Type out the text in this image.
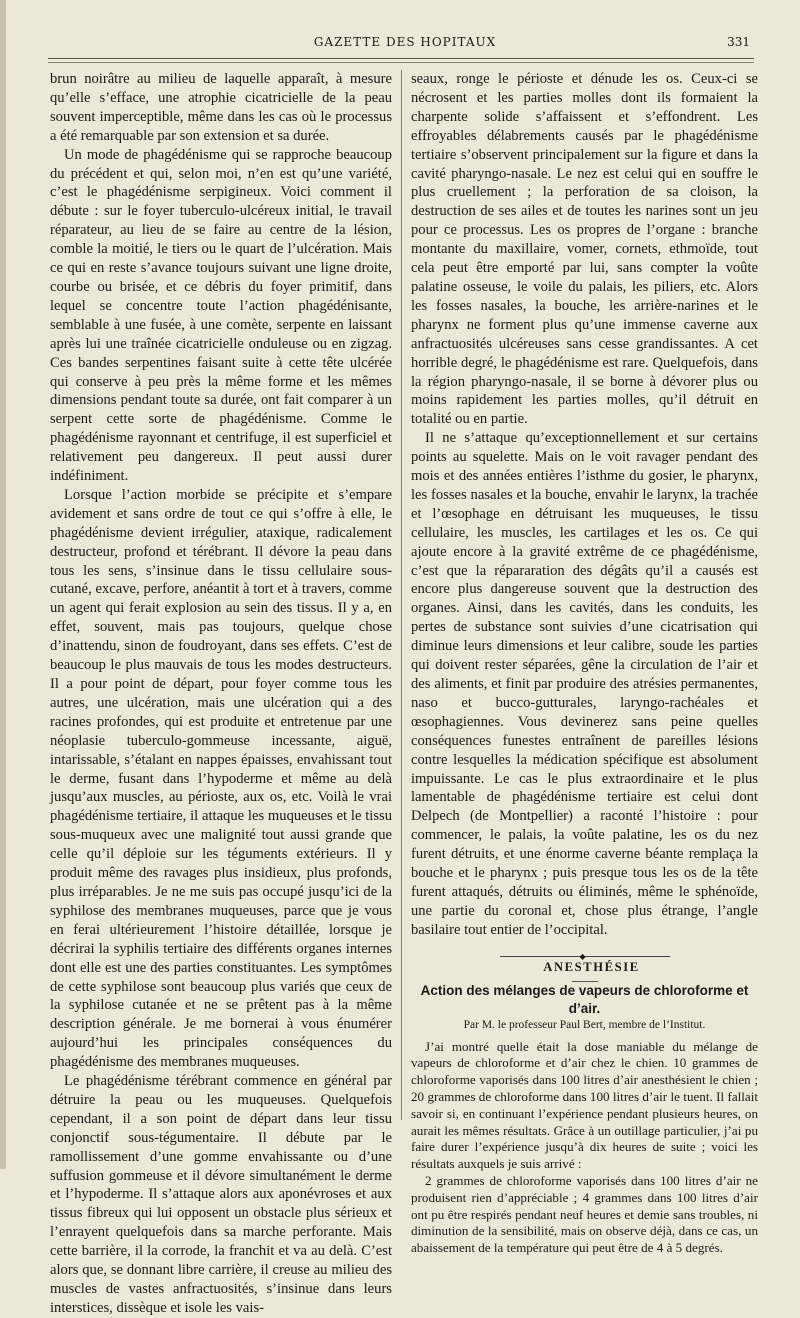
GAZETTE DES HOPITAUX	331

brun noirâtre au milieu de laquelle apparaît, à mesure qu’elle s’efface, une atrophie cicatricielle de la peau souvent imperceptible, même dans les cas où le processus a été remarquable par son extension et sa durée.

Un mode de phagédénisme qui se rapproche beaucoup du précédent et qui, selon moi, n’en est qu’une variété, c’est le phagédénisme serpigineux. Voici comment il débute : sur le foyer tuberculo-ulcéreux initial, le travail réparateur, au lieu de se faire au centre de la lésion, comble la moitié, le tiers ou le quart de l’ulcération. Mais ce qui en reste s’avance toujours suivant une ligne droite, courbe ou brisée, et ce débris du foyer primitif, dans lequel se concentre toute l’action phagédénisante, semblable à une fusée, à une comète, serpente en laissant après lui une traînée cicatricielle onduleuse ou en zigzag. Ces bandes serpentines faisant suite à cette tête ulcérée qui conserve à peu près la même forme et les mêmes dimensions pendant toute sa durée, ont fait comparer à un serpent cette sorte de phagédénisme. Comme le phagédénisme rayonnant et centrifuge, il est superficiel et relativement peu dangereux. Il peut aussi durer indéfiniment.

Lorsque l’action morbide se précipite et s’empare avidement et sans ordre de tout ce qui s’offre à elle, le phagédénisme devient irrégulier, ataxique, radicalement destructeur, profond et térébrant. Il dévore la peau dans tous les sens, s’insinue dans le tissu cellulaire sous-cutané, excave, perfore, anéantit à tort et à travers, comme un agent qui ferait explosion au sein des tissus. Il y a, en effet, souvent, mais pas toujours, quelque chose d’inattendu, sinon de foudroyant, dans ses effets. C’est de beaucoup le plus mauvais de tous les modes destructeurs. Il a pour point de départ, pour foyer comme tous les autres, une ulcération, mais une ulcération qui a des racines profondes, qui est produite et entretenue par une néoplasie tuberculo-gommeuse incessante, aiguë, intarissable, s’étalant en nappes épaisses, envahissant tout le derme, fusant dans l’hypoderme et même au delà jusqu’aux muscles, au périoste, aux os, etc. Voilà le vrai phagédénisme tertiaire, il attaque les muqueuses et le tissu sous-muqueux avec une malignité tout aussi grande que celle qu’il déploie sur les téguments extérieurs. Il y produit même des ravages plus insidieux, plus profonds, plus irréparables. Je ne me suis pas occupé jusqu’ici de la syphilose des membranes muqueuses, parce que je vous en ferai ultérieurement l’histoire détaillée, lorsque je décrirai la syphilis tertiaire des différents organes internes dont elle est une des parties constituantes. Les symptômes de cette syphilose sont beaucoup plus variés que ceux de la syphilose cutanée et ne se prêtent pas à la même description générale. Je me bornerai à vous énumérer aujourd’hui les principales conséquences du phagédénisme des membranes muqueuses.

Le phagédénisme térébrant commence en général par détruire la peau ou les muqueuses. Quelquefois cependant, il a son point de départ dans leur tissu conjonctif sous-tégumentaire. Il débute par le ramollissement d’une gomme envahissante ou d’une suffusion gommeuse et il dévore simultanément le derme et l’hypoderme. Il s’attaque alors aux aponévroses et aux tissus fibreux qui lui opposent un obstacle plus sérieux et l’enrayent quelquefois dans sa marche perforante. Mais cette barrière, il la corrode, la franchit et va au delà. C’est alors que, se donnant libre carrière, il creuse au milieu des muscles de vastes anfractuosités, s’insinue dans leurs interstices, dissèque et isole les vais-

seaux, ronge le périoste et dénude les os. Ceux-ci se nécrosent et les parties molles dont ils formaient la charpente solide s’affaissent et s’effondrent. Les effroyables délabrements causés par le phagédénisme tertiaire s’observent principalement sur la figure et dans la cavité pharyngo-nasale. Le nez est celui qui en souffre le plus cruellement ; la perforation de sa cloison, la destruction de ses ailes et de toutes les narines sont un jeu pour ce processus. Les os propres de l’organe : branche montante du maxillaire, vomer, cornets, ethmoïde, tout cela peut être emporté par lui, sans compter la voûte palatine osseuse, le voile du palais, les piliers, etc. Alors les fosses nasales, la bouche, les arrière-narines et le pharynx ne forment plus qu’une immense caverne aux anfractuosités ulcéreuses sans cesse grandissantes. A cet horrible degré, le phagédénisme est rare. Quelquefois, dans la région pharyngo-nasale, il se borne à dévorer plus ou moins rapidement les parties molles, qu’il détruit en totalité ou en partie.

Il ne s’attaque qu’exceptionnellement et sur certains points au squelette. Mais on le voit ravager pendant des mois et des années entières l’isthme du gosier, le pharynx, les fosses nasales et la bouche, envahir le larynx, la trachée et l’œsophage en détruisant les muqueuses, le tissu cellulaire, les muscles, les cartilages et les os. Ce qui ajoute encore à la gravité extrême de ce phagédénisme, c’est que la répararation des dégâts qu’il a causés est encore plus dangereuse souvent que la destruction des organes. Ainsi, dans les cavités, dans les conduits, les pertes de substance sont suivies d’une cicatrisation qui diminue leurs dimensions et leur calibre, soude les parties qui doivent rester séparées, gêne la circulation de l’air et des aliments, et finit par produire des atrésies permanentes, naso et bucco-gutturales, laryngo-rachéales et œsophagiennes. Vous devinerez sans peine quelles conséquences funestes entraînent de pareilles lésions contre lesquelles la médication spécifique est absolument impuissante. Le cas le plus extraordinaire et le plus lamentable de phagédénisme tertiaire est celui dont Delpech (de Montpellier) a raconté l’histoire : pour commencer, le palais, la voûte palatine, les os du nez furent détruits, et une énorme caverne béante remplaça la bouche et le pharynx ; puis presque tous les os de la tête furent attaqués, détruits ou éliminés, même le sphénoïde, une partie du coronal et, chose plus étrange, l’angle basilaire tout entier de l’occipital.

◆

ANESTHÉSIE

Action des mélanges de vapeurs de chloroforme et d’air.

Par M. le professeur Paul Bert, membre de l’Institut.

J’ai montré quelle était la dose maniable du mélange de vapeurs de chloroforme et d’air chez le chien. 10 grammes de chloroforme vaporisés dans 100 litres d’air anesthésient le chien ; 20 grammes de chloroforme dans 100 litres d’air le tuent. Il fallait savoir si, en continuant l’expérience pendant plusieurs heures, on aurait les mêmes résultats. Grâce à un outillage particulier, j’ai pu faire durer l’expérience jusqu’à dix heures de suite ; voici les résultats auxquels je suis arrivé :

2 grammes de chloroforme vaporisés dans 100 litres d’air ne produisent rien d’appréciable ; 4 grammes dans 100 litres d’air ont pu être respirés pendant neuf heures et demie sans troubles, ni diminution de la sensibilité, mais on observe déjà, dans ce cas, un abaissement de la température qui peut être de 4 à 5 degrés.
